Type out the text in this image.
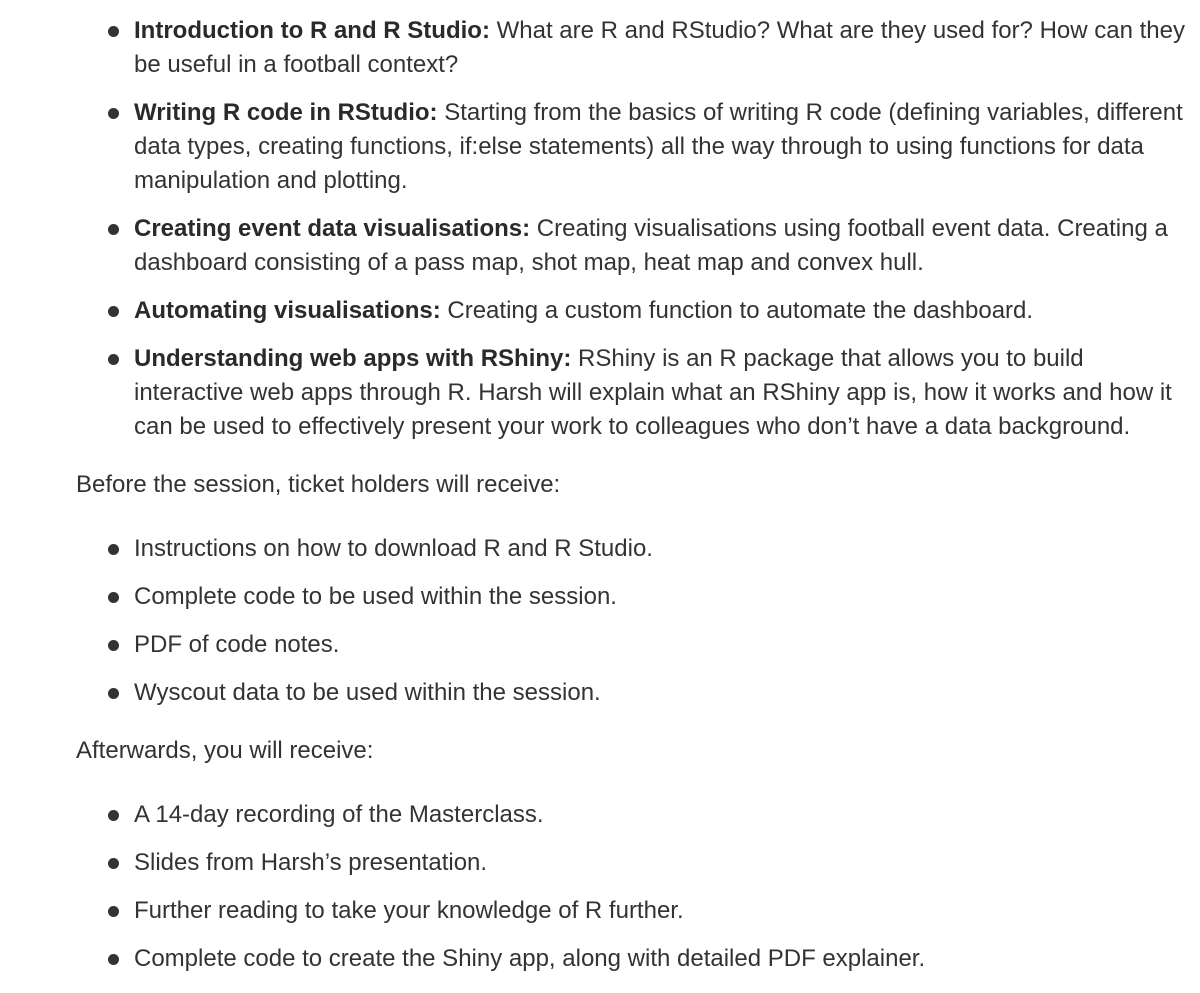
Introduction to R and R Studio: What are R and RStudio? What are they used for? How can they be useful in a football context?
Writing R code in RStudio: Starting from the basics of writing R code (defining variables, different data types, creating functions, if:else statements) all the way through to using functions for data manipulation and plotting.
Creating event data visualisations: Creating visualisations using football event data. Creating a dashboard consisting of a pass map, shot map, heat map and convex hull.
Automating visualisations: Creating a custom function to automate the dashboard.
Understanding web apps with RShiny: RShiny is an R package that allows you to build interactive web apps through R. Harsh will explain what an RShiny app is, how it works and how it can be used to effectively present your work to colleagues who don’t have a data background.

Before the session, ticket holders will receive:

Instructions on how to download R and R Studio.
Complete code to be used within the session.
PDF of code notes.
Wyscout data to be used within the session.

Afterwards, you will receive:

A 14-day recording of the Masterclass.
Slides from Harsh’s presentation.
Further reading to take your knowledge of R further.
Complete code to create the Shiny app, along with detailed PDF explainer.
